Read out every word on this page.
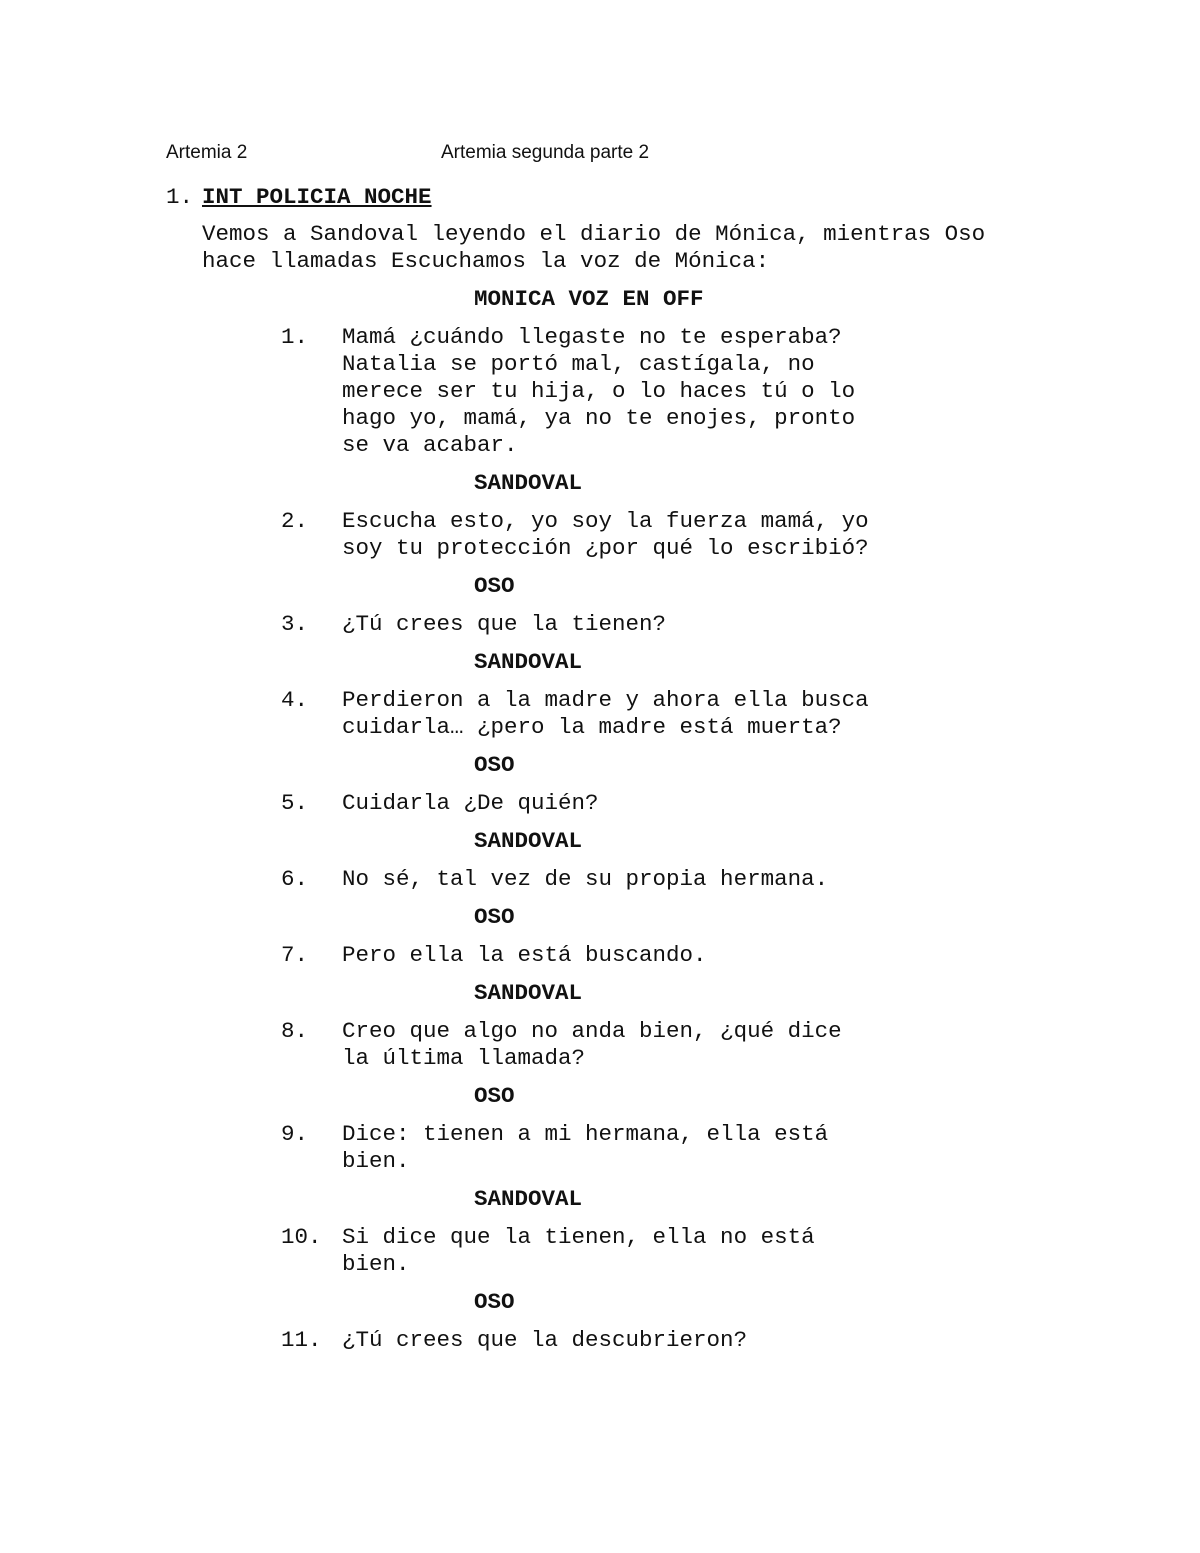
Artemia 2	Artemia segunda parte 2
1. INT POLICIA NOCHE
Vemos a Sandoval leyendo el diario de Mónica, mientras Oso hace llamadas Escuchamos la voz de Mónica:
MONICA VOZ EN OFF
1. Mamá ¿cuándo llegaste no te esperaba? Natalia se portó mal, castígala, no merece ser tu hija, o lo haces tú o lo hago yo, mamá, ya no te enojes, pronto se va acabar.
SANDOVAL
2. Escucha esto, yo soy la fuerza mamá, yo soy tu protección ¿por qué lo escribió?
OSO
3. ¿Tú crees que la tienen?
SANDOVAL
4. Perdieron a la madre y ahora ella busca cuidarla… ¿pero la madre está muerta?
OSO
5. Cuidarla ¿De quién?
SANDOVAL
6. No sé, tal vez de su propia hermana.
OSO
7. Pero ella la está buscando.
SANDOVAL
8. Creo que algo no anda bien, ¿qué dice la última llamada?
OSO
9. Dice: tienen a mi hermana, ella está bien.
SANDOVAL
10. Si dice que la tienen, ella no está bien.
OSO
11. ¿Tú crees que la descubrieron?
